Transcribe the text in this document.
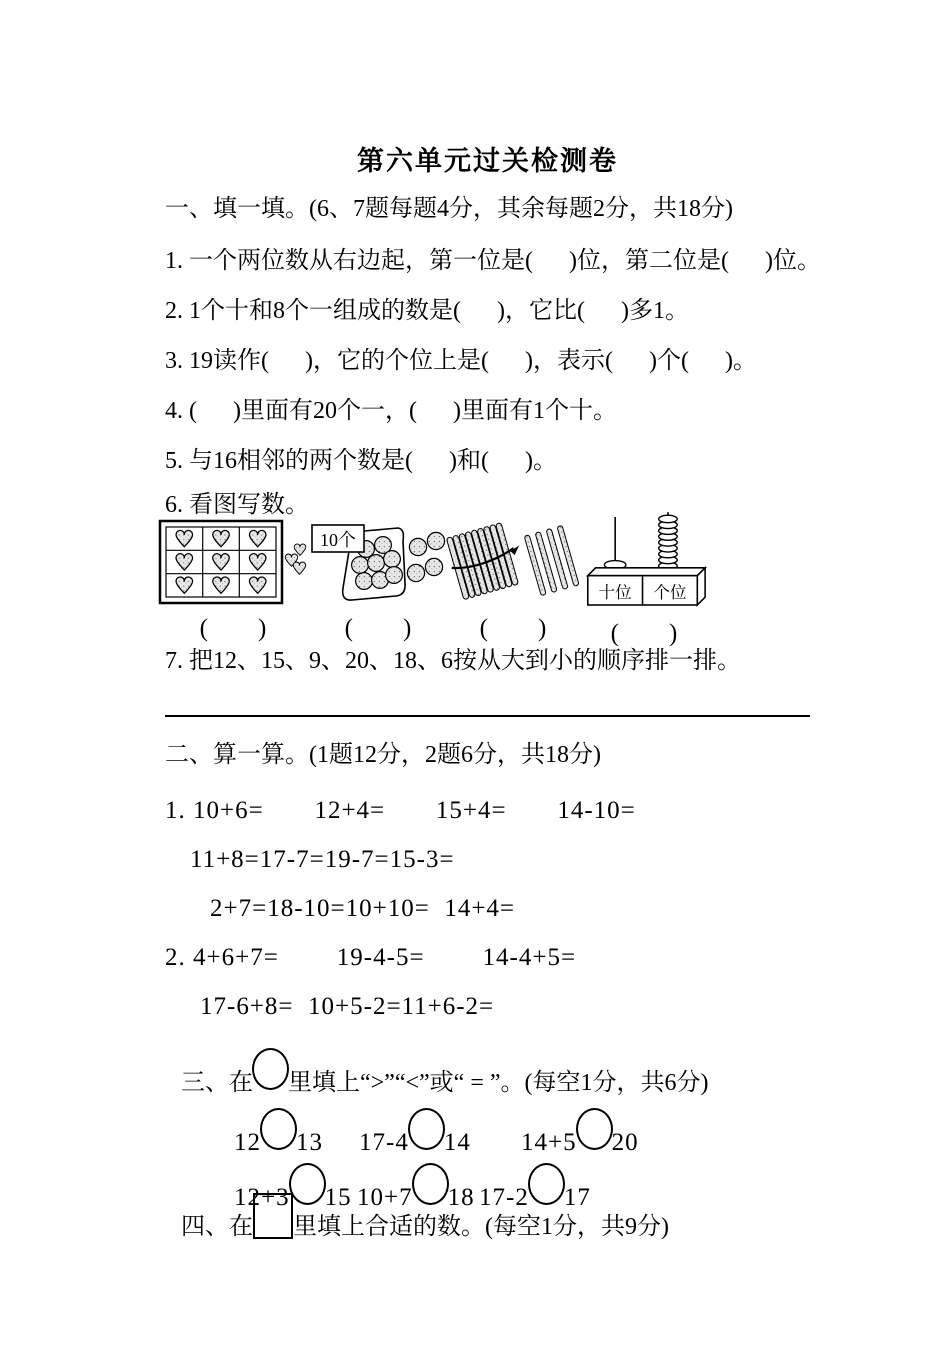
第六单元过关检测卷
一、填一填。(6、7题每题4分，其余每题2分，共18分)
1. 一个两位数从右边起，第一位是(      )位，第二位是(      )位。
2. 1个十和8个一组成的数是(      )，它比(      )多1。
3. 19读作(      )，它的个位上是(      )，表示(      )个(      )。
4. (      )里面有20个一，(      )里面有1个十。
5. 与16相邻的两个数是(      )和(      )。
6. 看图写数。
(        )
10个
(        )	(        )
十位 个位
(        )
7. 把12、15、9、20、18、6按从大到小的顺序排一排。
二、算一算。(1题12分，2题6分，共18分)
1. 10+6=       12+4=       15+4=       14-10=
11+8=17-7=19-7=15-3=
2+7=18-10=10+10=  14+4=
2. 4+6+7=        19-4-5=        14-4+5=
17-6+8=  10+5-2=11+6-2=

三、在 里填上“>”“<”或“ = ”。(每空1分，共6分)

12 13
	17-4 14
	14+5 20

12+3 15
10+7 18
17-2 17

四、在 里填上合适的数。(每空1分，共9分)
